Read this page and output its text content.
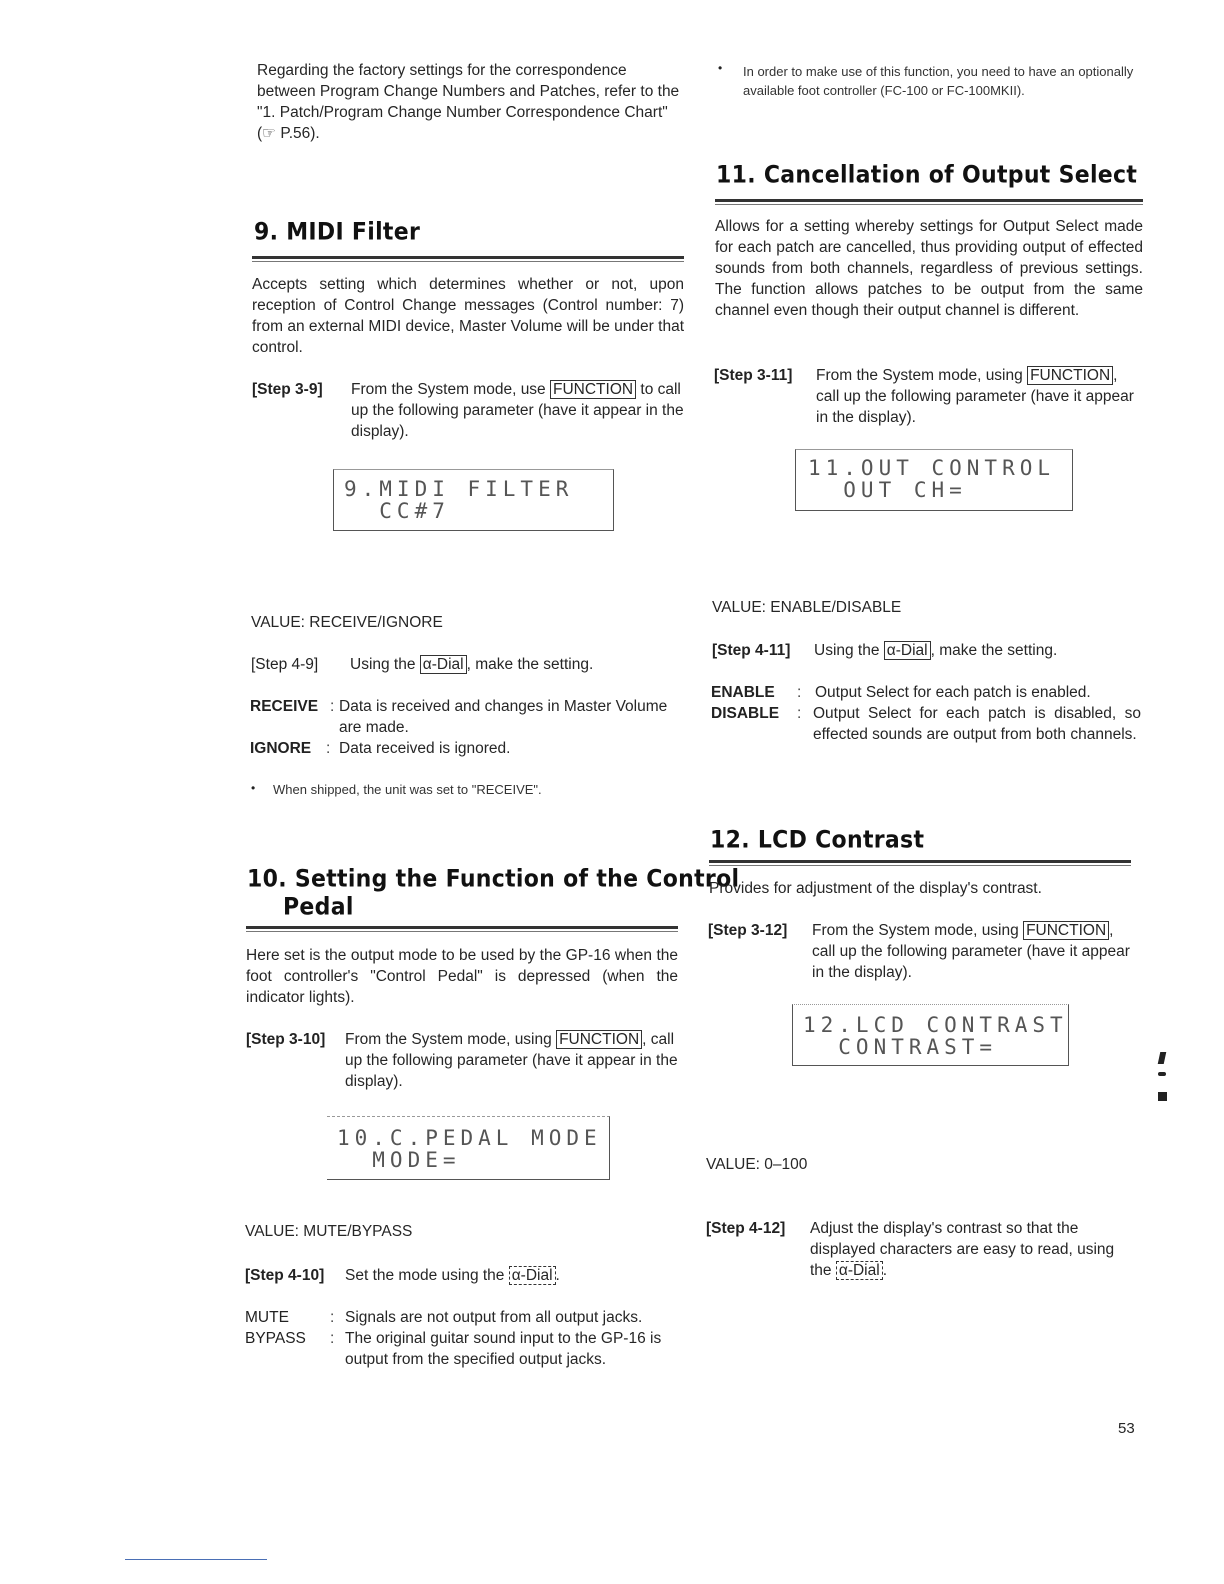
Regarding the factory settings for the correspondence between Program Change Numbers and Patches, refer to the "1. Patch/Program Change Number Correspondence Chart" (☞ P.56).

9. MIDI Filter

Accepts setting which determines whether or not, upon reception of Control Change messages (Control number: 7) from an external MIDI device, Master Volume will be under that control.

[Step 3-9] From the System mode, use FUNCTION to call up the following parameter (have it appear in the display).
9.MIDI FILTER
CC#7
VALUE: RECEIVE/IGNORE
[Step 4-9] Using the α-Dial , make the setting.
RECEIVE : Data is received and changes in Master Volume are made.
IGNORE : Data received is ignored.
• When shipped, the unit was set to "RECEIVE".
10. Setting the Function of the Control
Pedal

Here set is the output mode to be used by the GP-16 when the foot controller's "Control Pedal" is depressed (when the indicator lights).

[Step 3-10] From the System mode, using FUNCTION , call up the following parameter (have it appear in the display).
10.C.PEDAL MODE
MODE=
VALUE: MUTE/BYPASS
[Step 4-10] Set the mode using the α-Dial .
MUTE	: Signals are not output from all output jacks.
BYPASS : The original guitar sound input to the GP-16 is output from the specified output jacks.
• In order to make use of this function, you need to have an optionally available foot controller (FC-100 or FC-100MKII).
11. Cancellation of Output Select

Allows for a setting whereby settings for Output Select made for each patch are cancelled, thus providing output of effected sounds from both channels, regardless of previous settings. The function allows patches to be output from the same channel even though their output channel is different.

[Step 3-11] From the System mode, using FUNCTION , call up the following parameter (have it appear in the display).
11.OUT CONTROL
OUT CH=
VALUE: ENABLE/DISABLE
[Step 4-11] Using the α-Dial , make the setting.
ENABLE : Output Select for each patch is enabled.
DISABLE : Output Select for each patch is disabled, so effected sounds are output from both channels.
12. LCD Contrast

Provides for adjustment of the display's contrast.

[Step 3-12] From the System mode, using FUNCTION , call up the following parameter (have it appear in the display).
12.LCD CONTRAST
CONTRAST=
VALUE: 0–100
[Step 4-12] Adjust the display's contrast so that the displayed characters are easy to read, using the α-Dial .
53
